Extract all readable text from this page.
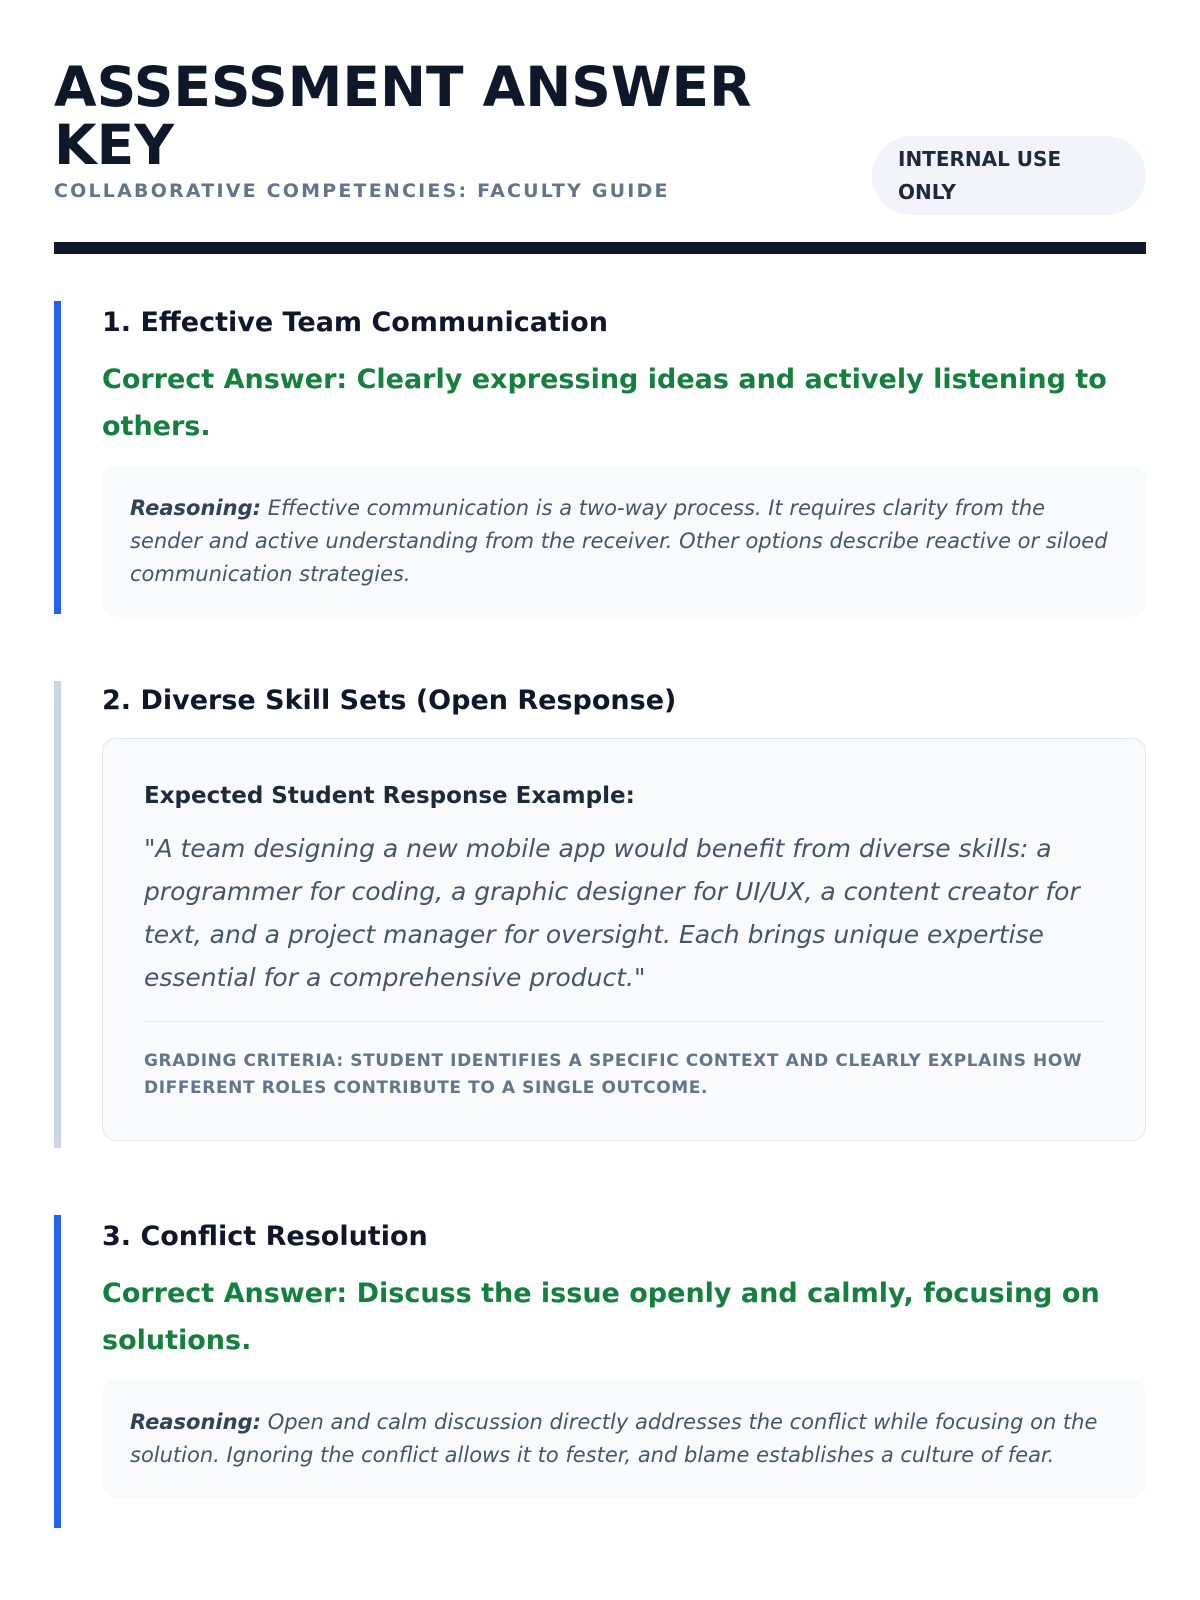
ASSESSMENT ANSWER KEY
COLLABORATIVE COMPETENCIES: FACULTY GUIDE
INTERNAL USE ONLY
1. Effective Team Communication
Correct Answer: Clearly expressing ideas and actively listening to others.
Reasoning: Effective communication is a two-way process. It requires clarity from the sender and active understanding from the receiver. Other options describe reactive or siloed communication strategies.
2. Diverse Skill Sets (Open Response)
Expected Student Response Example:
"A team designing a new mobile app would benefit from diverse skills: a programmer for coding, a graphic designer for UI/UX, a content creator for text, and a project manager for oversight. Each brings unique expertise essential for a comprehensive product."
GRADING CRITERIA: STUDENT IDENTIFIES A SPECIFIC CONTEXT AND CLEARLY EXPLAINS HOW DIFFERENT ROLES CONTRIBUTE TO A SINGLE OUTCOME.
3. Conflict Resolution
Correct Answer: Discuss the issue openly and calmly, focusing on solutions.
Reasoning: Open and calm discussion directly addresses the conflict while focusing on the solution. Ignoring the conflict allows it to fester, and blame establishes a culture of fear.
